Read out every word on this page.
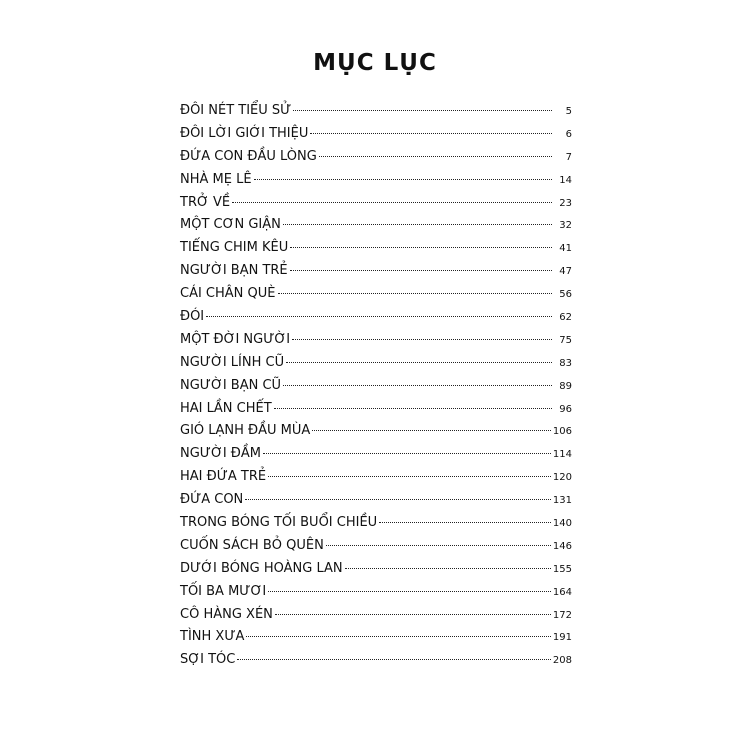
MỤC LỤC
ĐÔI NÉT TIỂU SỬ	5
ĐÔI LỜI GIỚI THIỆU	6
ĐỨA CON ĐẦU LÒNG	7
NHÀ MẸ LÊ	14
TRỞ VỀ	23
MỘT CƠN GIẬN	32
TIẾNG CHIM KÊU	41
NGƯỜI BẠN TRẺ	47
CÁI CHÂN QUÈ	56
ĐÓI	62
MỘT ĐỜI NGƯỜI	75
NGƯỜI LÍNH CŨ	83
NGƯỜI BẠN CŨ	89
HAI LẦN CHẾT	96
GIÓ LẠNH ĐẦU MÙA	106
NGƯỜI ĐẦM	114
HAI ĐỨA TRẺ	120
ĐỨA CON	131
TRONG BÓNG TỐI BUỔI CHIỀU	140
CUỐN SÁCH BỎ QUÊN	146
DƯỚI BÓNG HOÀNG LAN	155
TỐI BA MƯƠI	164
CÔ HÀNG XÉN	172
TÌNH XƯA	191
SỢI TÓC	208
